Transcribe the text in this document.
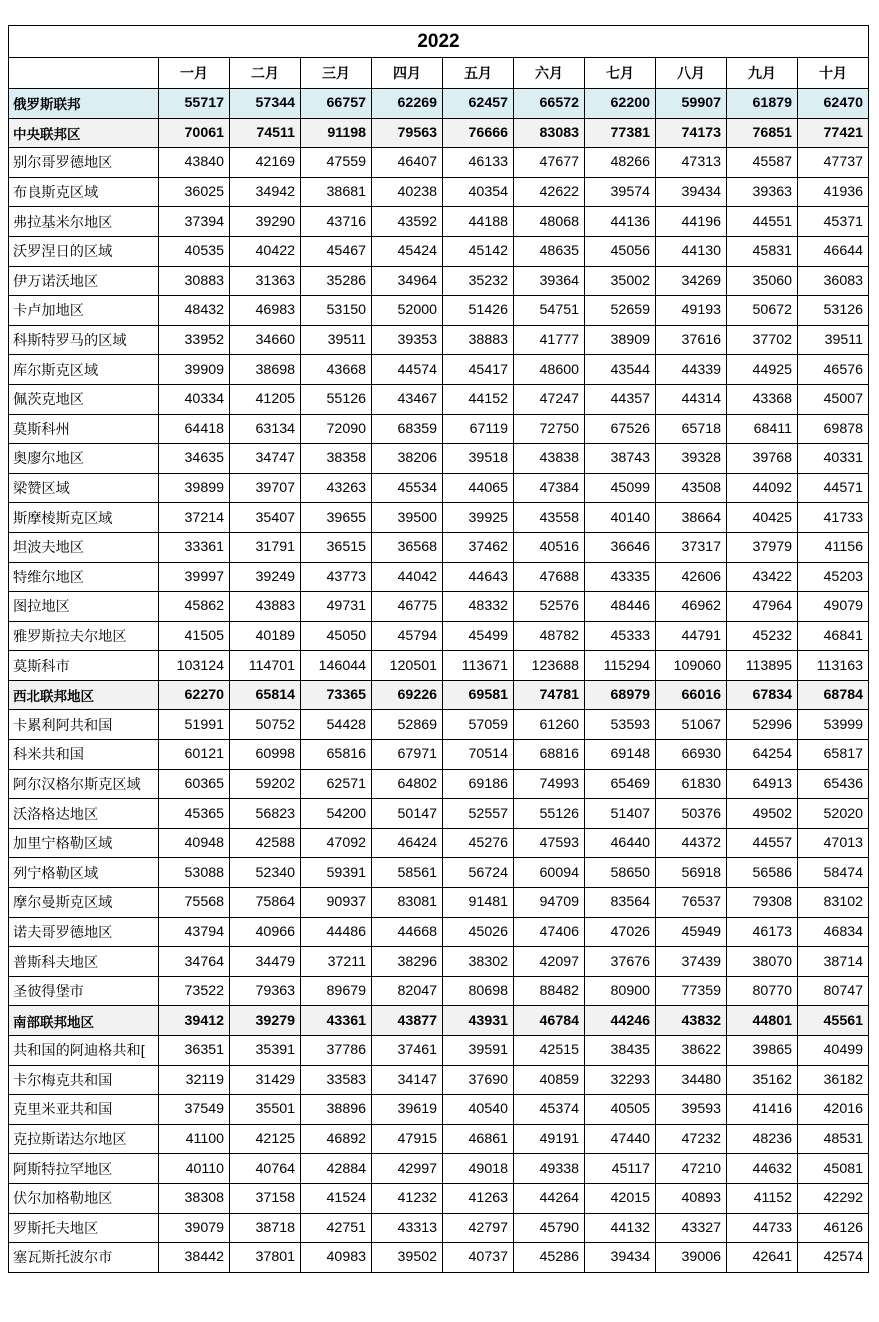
2022										
	一月	二月	三月	四月	五月	六月	七月	八月	九月	十月
俄罗斯联邦	55717	57344	66757	62269	62457	66572	62200	59907	61879	62470
中央联邦区	70061	74511	91198	79563	76666	83083	77381	74173	76851	77421
别尔哥罗德地区	43840	42169	47559	46407	46133	47677	48266	47313	45587	47737
布良斯克区域	36025	34942	38681	40238	40354	42622	39574	39434	39363	41936
弗拉基米尔地区	37394	39290	43716	43592	44188	48068	44136	44196	44551	45371
沃罗涅日的区域	40535	40422	45467	45424	45142	48635	45056	44130	45831	46644
伊万诺沃地区	30883	31363	35286	34964	35232	39364	35002	34269	35060	36083
卡卢加地区	48432	46983	53150	52000	51426	54751	52659	49193	50672	53126
科斯特罗马的区域	33952	34660	39511	39353	38883	41777	38909	37616	37702	39511
库尔斯克区域	39909	38698	43668	44574	45417	48600	43544	44339	44925	46576
佩茨克地区	40334	41205	55126	43467	44152	47247	44357	44314	43368	45007
莫斯科州	64418	63134	72090	68359	67119	72750	67526	65718	68411	69878
奥廖尔地区	34635	34747	38358	38206	39518	43838	38743	39328	39768	40331
梁赞区域	39899	39707	43263	45534	44065	47384	45099	43508	44092	44571
斯摩棱斯克区域	37214	35407	39655	39500	39925	43558	40140	38664	40425	41733
坦波夫地区	33361	31791	36515	36568	37462	40516	36646	37317	37979	41156
特维尔地区	39997	39249	43773	44042	44643	47688	43335	42606	43422	45203
图拉地区	45862	43883	49731	46775	48332	52576	48446	46962	47964	49079
雅罗斯拉夫尔地区	41505	40189	45050	45794	45499	48782	45333	44791	45232	46841
莫斯科市	103124	114701	146044	120501	113671	123688	115294	109060	113895	113163
西北联邦地区	62270	65814	73365	69226	69581	74781	68979	66016	67834	68784
卡累利阿共和国	51991	50752	54428	52869	57059	61260	53593	51067	52996	53999
科米共和国	60121	60998	65816	67971	70514	68816	69148	66930	64254	65817
阿尔汉格尔斯克区域	60365	59202	62571	64802	69186	74993	65469	61830	64913	65436
沃洛格达地区	45365	56823	54200	50147	52557	55126	51407	50376	49502	52020
加里宁格勒区域	40948	42588	47092	46424	45276	47593	46440	44372	44557	47013
列宁格勒区域	53088	52340	59391	58561	56724	60094	58650	56918	56586	58474
摩尔曼斯克区域	75568	75864	90937	83081	91481	94709	83564	76537	79308	83102
诺夫哥罗德地区	43794	40966	44486	44668	45026	47406	47026	45949	46173	46834
普斯科夫地区	34764	34479	37211	38296	38302	42097	37676	37439	38070	38714
圣彼得堡市	73522	79363	89679	82047	80698	88482	80900	77359	80770	80747
南部联邦地区	39412	39279	43361	43877	43931	46784	44246	43832	44801	45561
共和国的阿迪格共和[	36351	35391	37786	37461	39591	42515	38435	38622	39865	40499
卡尔梅克共和国	32119	31429	33583	34147	37690	40859	32293	34480	35162	36182
克里米亚共和国	37549	35501	38896	39619	40540	45374	40505	39593	41416	42016
克拉斯诺达尔地区	41100	42125	46892	47915	46861	49191	47440	47232	48236	48531
阿斯特拉罕地区	40110	40764	42884	42997	49018	49338	45117	47210	44632	45081
伏尔加格勒地区	38308	37158	41524	41232	41263	44264	42015	40893	41152	42292
罗斯托夫地区	39079	38718	42751	43313	42797	45790	44132	43327	44733	46126
塞瓦斯托波尔市	38442	37801	40983	39502	40737	45286	39434	39006	42641	42574
